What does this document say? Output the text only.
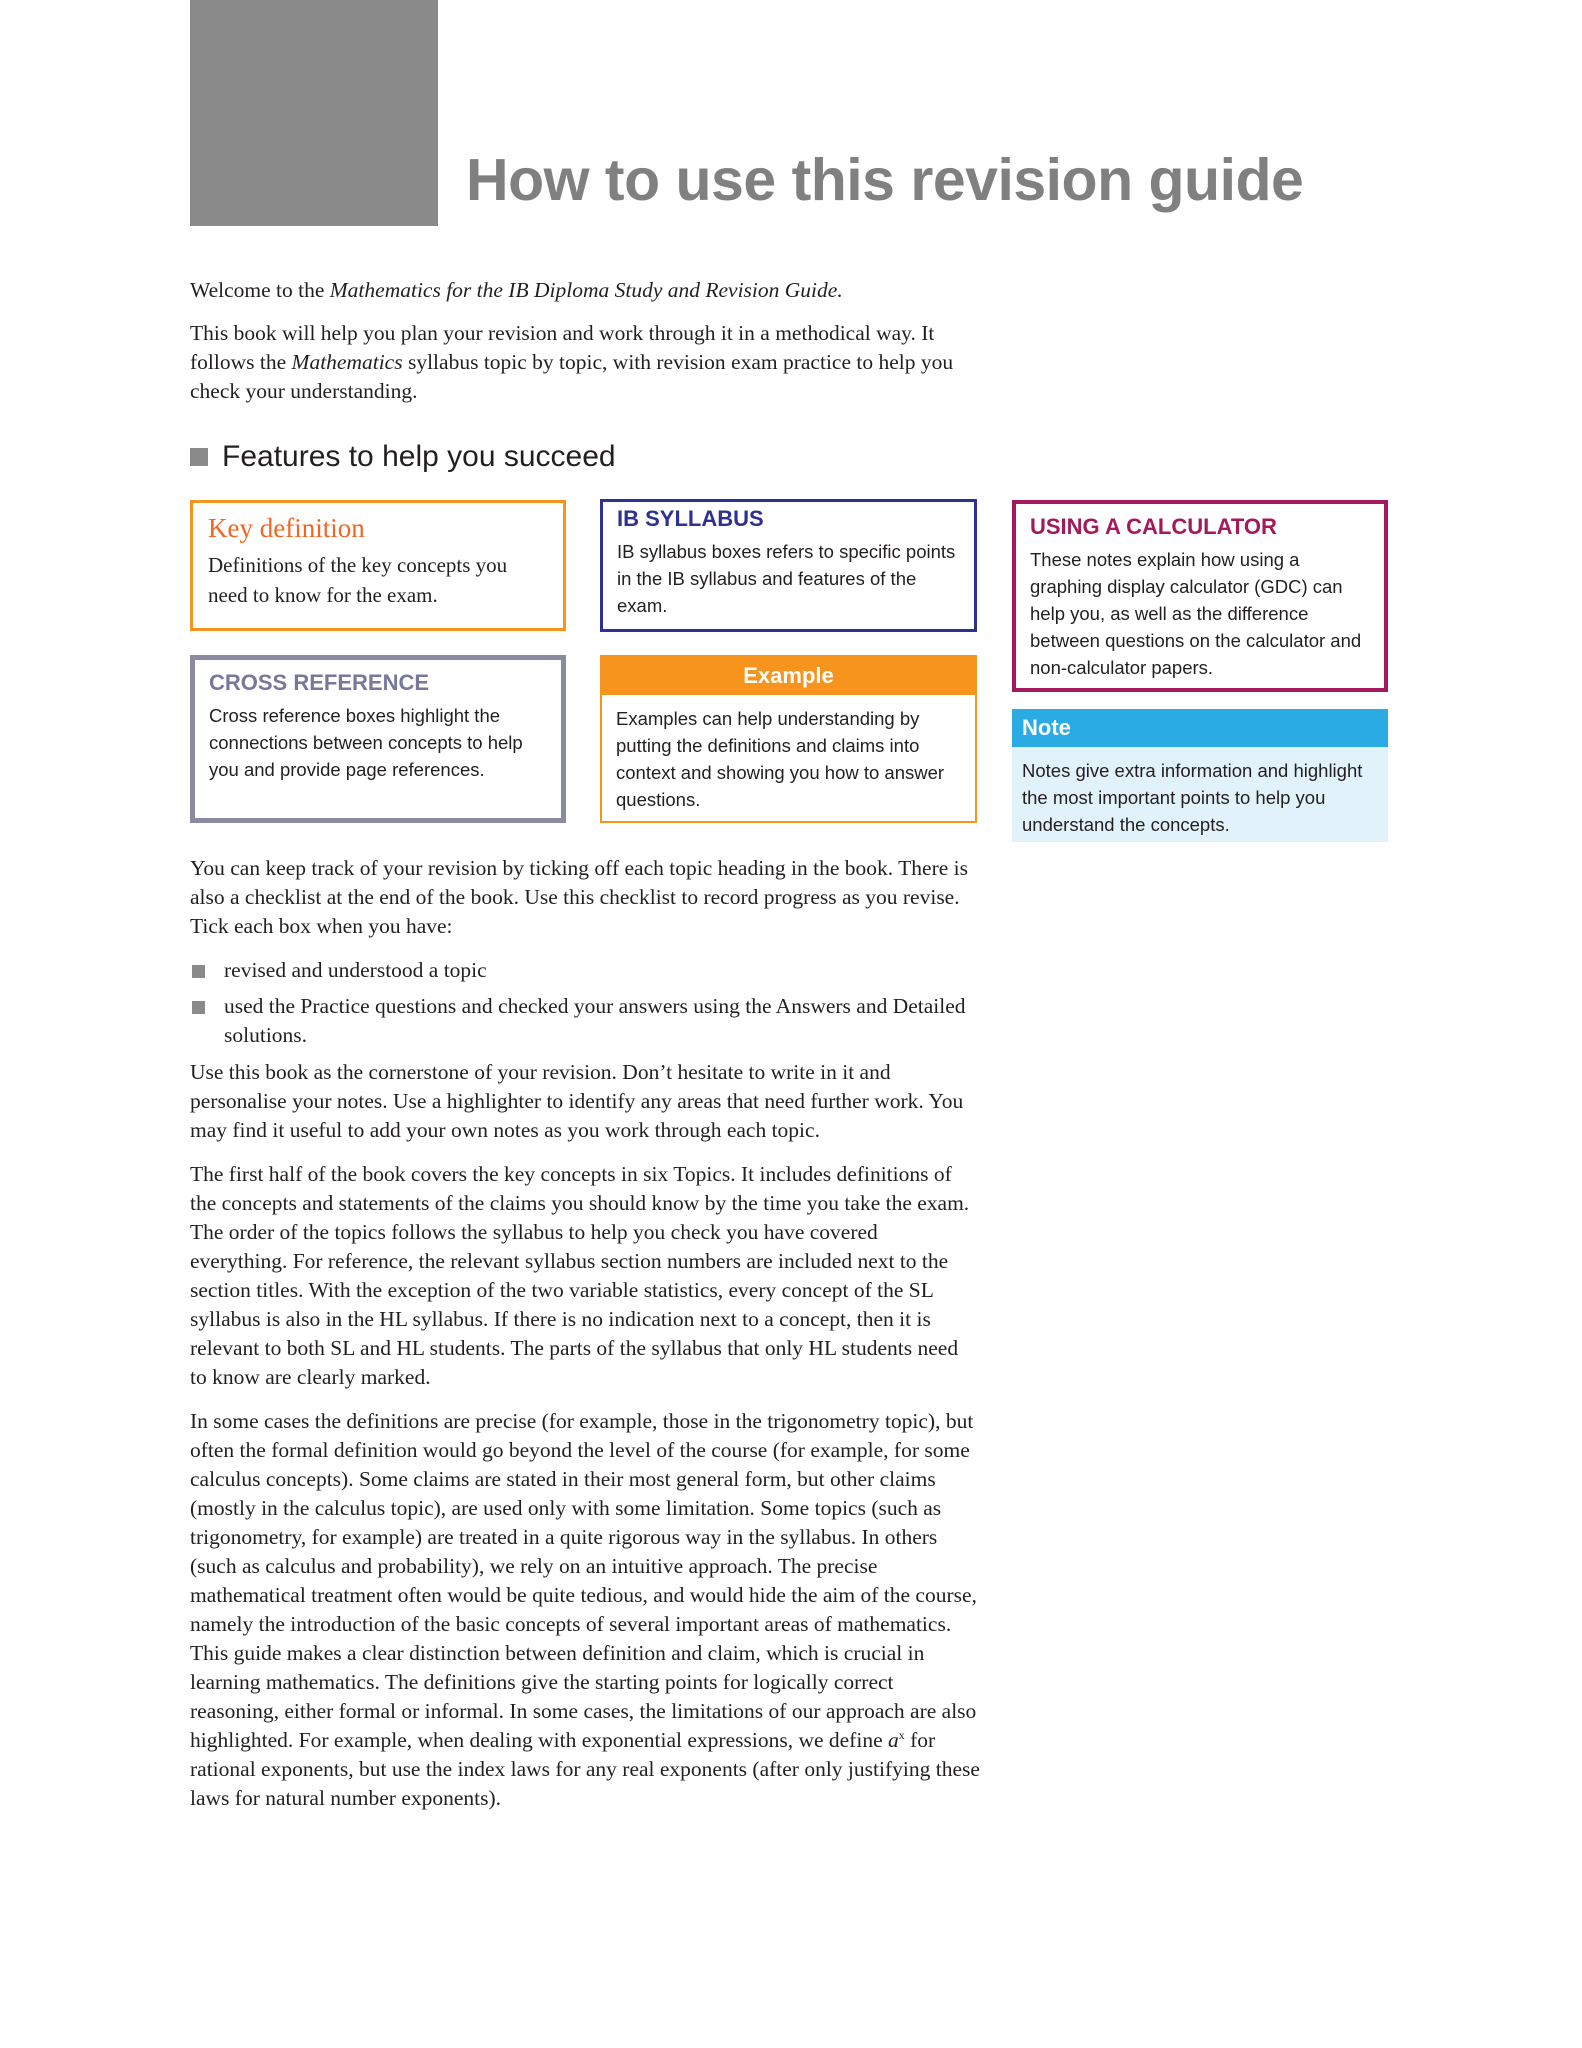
How to use this revision guide

Welcome to the Mathematics for the IB Diploma Study and Revision Guide.

This book will help you plan your revision and work through it in a methodical way. It follows the Mathematics syllabus topic by topic, with revision exam practice to help you check your understanding.

Features to help you succeed
Key definition
Definitions of the key concepts you need to know for the exam.
IB SYLLABUS
IB syllabus boxes refers to specific points in the IB syllabus and features of the exam.
USING A CALCULATOR
These notes explain how using a graphing display calculator (GDC) can help you, as well as the difference between questions on the calculator and non-calculator papers.
CROSS REFERENCE
Cross reference boxes highlight the connections between concepts to help you and provide page references.
Example
Examples can help understanding by putting the definitions and claims into context and showing you how to answer questions.
Note
Notes give extra information and highlight the most important points to help you understand the concepts.

You can keep track of your revision by ticking off each topic heading in the book. There is also a checklist at the end of the book. Use this checklist to record progress as you revise. Tick each box when you have:

revised and understood a topic
used the Practice questions and checked your answers using the Answers and Detailed solutions.

Use this book as the cornerstone of your revision. Don’t hesitate to write in it and personalise your notes. Use a highlighter to identify any areas that need further work. You may find it useful to add your own notes as you work through each topic.

The first half of the book covers the key concepts in six Topics. It includes definitions of the concepts and statements of the claims you should know by the time you take the exam. The order of the topics follows the syllabus to help you check you have covered everything. For reference, the relevant syllabus section numbers are included next to the section titles. With the exception of the two variable statistics, every concept of the SL syllabus is also in the HL syllabus. If there is no indication next to a concept, then it is relevant to both SL and HL students. The parts of the syllabus that only HL students need to know are clearly marked.

In some cases the definitions are precise (for example, those in the trigonometry topic), but often the formal definition would go beyond the level of the course (for example, for some calculus concepts). Some claims are stated in their most general form, but other claims (mostly in the calculus topic), are used only with some limitation. Some topics (such as trigonometry, for example) are treated in a quite rigorous way in the syllabus. In others (such as calculus and probability), we rely on an intuitive approach. The precise mathematical treatment often would be quite tedious, and would hide the aim of the course, namely the introduction of the basic concepts of several important areas of mathematics. This guide makes a clear distinction between definition and claim, which is crucial in learning mathematics. The definitions give the starting points for logically correct reasoning, either formal or informal. In some cases, the limitations of our approach are also highlighted. For example, when dealing with exponential expressions, we define $a^x$ for rational exponents, but use the index laws for any real exponents (after only justifying these laws for natural number exponents).
